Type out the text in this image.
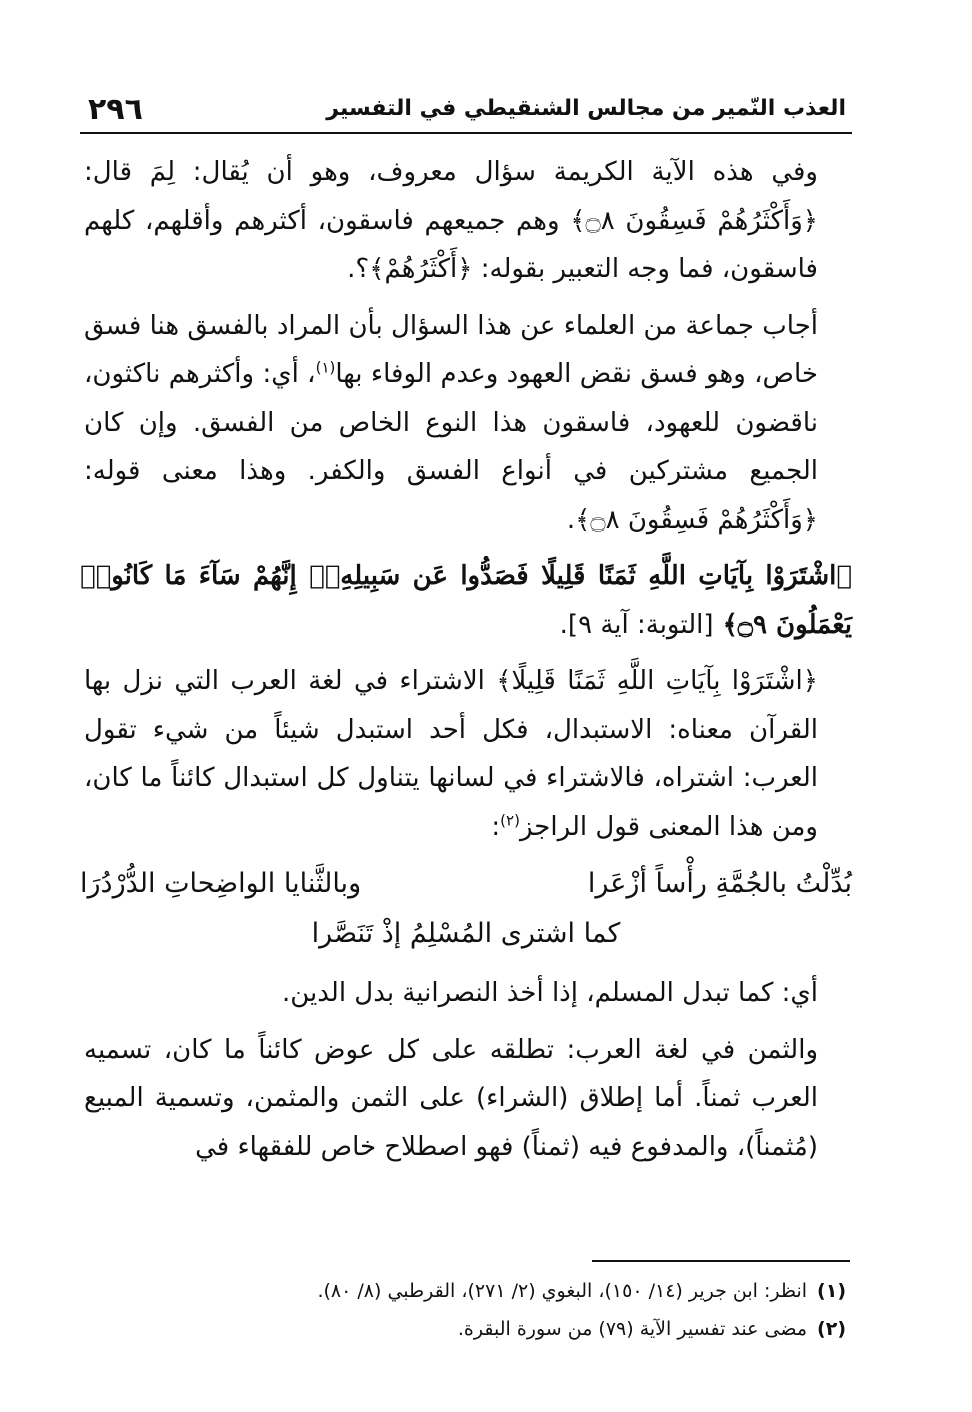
٢٩٦	العذب النّمير من مجالس الشنقيطي في التفسير

وفي هذه الآية الكريمة سؤال معروف، وهو أن يُقال: لِمَ قال: ﴿وَأَكْثَرُهُمْ فَسِقُونَ ۝٨﴾ وهم جميعهم فاسقون، أكثرهم وأقلهم، كلهم فاسقون، فما وجه التعبير بقوله: ﴿أَكْثَرُهُمْ﴾؟.

أجاب جماعة من العلماء عن هذا السؤال بأن المراد بالفسق هنا فسق خاص، وهو فسق نقض العهود وعدم الوفاء بها$^{(١)}$، أي: وأكثرهم ناكثون، ناقضون للعهود، فاسقون هذا النوع الخاص من الفسق. وإن كان الجميع مشتركين في أنواع الفسق والكفر. وهذا معنى قوله: ﴿وَأَكْثَرُهُمْ فَسِقُونَ ۝٨﴾.

﴿اشْتَرَوْا بِآيَاتِ اللَّهِ ثَمَنًا قَلِيلًا فَصَدُّوا عَن سَبِيلِهِۦٓ إِنَّهُمْ سَآءَ مَا كَانُوا۟ يَعْمَلُونَ ۝٩﴾ [التوبة: آية ٩].

﴿اشْتَرَوْا بِآيَاتِ اللَّهِ ثَمَنًا قَلِيلًا﴾ الاشتراء في لغة العرب التي نزل بها القرآن معناه: الاستبدال، فكل أحد استبدل شيئاً من شيء تقول العرب: اشتراه، فالاشتراء في لسانها يتناول كل استبدال كائناً ما كان، ومن هذا المعنى قول الراجز$^{(٢)}$:

بُدِّلْتُ بالجُمَّةِ رأْساً أزْعَرا
وبالثَّنايا الواضِحاتِ الدُّرْدُرَا
كما اشترى المُسْلِمُ إذْ تَنَصَّرا

أي: كما تبدل المسلم، إذا أخذ النصرانية بدل الدين.

والثمن في لغة العرب: تطلقه على كل عوض كائناً ما كان، تسميه العرب ثمناً. أما إطلاق (الشراء) على الثمن والمثمن، وتسمية المبيع (مُثمناً)، والمدفوع فيه (ثمناً) فهو اصطلاح خاص للفقهاء في

(١)انظر: ابن جرير (١٤/ ١٥٠)، البغوي (٢/ ٢٧١)، القرطبي (٨/ ٨٠).
(٢)مضى عند تفسير الآية (٧٩) من سورة البقرة.
